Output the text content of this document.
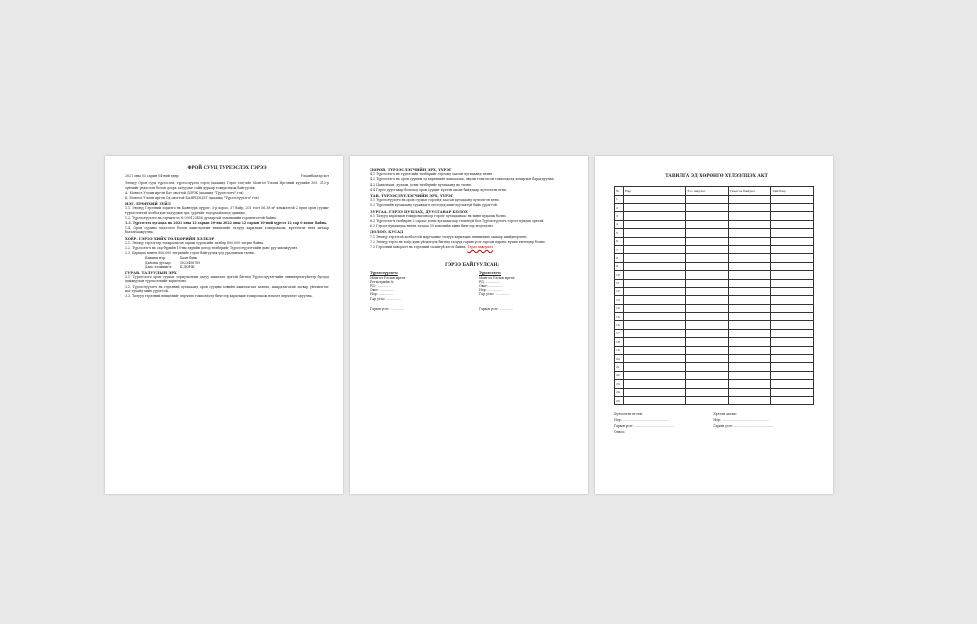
ФРОЙ СУУЦ ТУРЕЭСЛЭХ ГЭРЭЭ
2021 оны 03 сарын 04-ний өдөр	Улаанбаатар хот
Энэхүү Орон сууц түрээслэх, түрээслүүлэх гэрээ (цаашид Гэрээ гэх)-ийг Монгол Улсын Иргэний хуулийн 305, 313-р зүйлийг үндэслэн болон доорх талуудыг сайн дураар тохиролцож байгуулав.
А. Монгол Улсын иргэн Бат овогтой ДОРЖ (цаашид "Түрээслэгч" гэх)
Б. Монгол Улсын иргэн Од овогтой БАЯРЦЭЦЭГ (цаашид "Түрээслүүлэгч" гэх)
НЭГ. ЕРӨНХИЙ ЗҮЙЛ
1.1. Энэхүү Гэрээний зорилго нь Баянзүрх дүүрэг, 3-р хороо, 37 байр, 201 тоот 56,38 м² хэмжээтэй 2 өрөө орон сууцыг түрээслэхтэй холбогдон талуудын эрх, үүргийг тодорхойлоход оршино.
1.2. Түрээслүүлэгч нь гэрчилгээ № 000123456 дугаартай эзэмшлийн гэрчилгээтэй байна.
1.3. Түрээслэх хугацаа нь 2021 оны 12 сарын 10-ны 2022 оны 12 сарын 10-ний хүртэл 12 сар 0 хоног байна.
1.4. Орон сууцны мэдээлэл болон ашиглалтын нөхцөлийг талууд харилцан тохиролцож, хүлээлгэн өгөх актаар баталгаажуулна.
ХОЁР. ГЭРЭЭ ХИЙХ ТӨЛБӨРИЙН ХЭЛБЭР
2.1. Энэхүү гэрээгээр тохиролцсон сарын түрээсийн төлбөр 800,000 төгрөг байна.
2.2. Түрээслэгч нь сар бүрийн 10-ны өдрийн дотор төлбөрийг Түрээслүүлэгчийн данс руу шилжүүлнэ.
2.3. Барьцаа мөнгө 800,000 төгрөгийг гэрээ байгуулах үед урьдчилан төлнө.
Банкны нэр:	Хаан банк
Дансны дугаар:	5023456789
Данс эзэмшигч:	Б.ДОРЖ
ГУРАВ. ТАЛУУДЫН ЭРХ
3.1. Түрээслэгч орон сууцыг зориулалтын дагуу ашиглах эрхтэй бөгөөд Түрээслүүлэгчийн зөвшөөрөлгүйгээр бусдад дамжуулан түрээслэхийг хориглоно.
3.2. Түрээслүүлэгч нь гэрээний хугацаанд орон сууцны хэвийн ажиллагааг хангах, шаардлагатай засвар үйлчилгээг цаг тухайд хийх үүрэгтэй.
3.3. Талууд гэрээний нөхцөлийг өөрчлөх тохиолдолд бичгээр харилцан тохиролцож нэмэлт өөрчлөлт оруулна.
ДӨРӨВ. ТҮРЭЭСЛЭГЧИЙН ЭРХ, ҮҮРЭГ
4.1 Түрээслэгч нь түрээсийн төлбөрийг гэрээнд заасан хугацаанд төлнө.
4.2 Түрээслэгч нь орон сууцны эд хөрөнгийг хамгаалах, эвдэж гэмтээсэн тохиолдолд хохирлыг барагдуулна.
4.3 Цахилгаан, дулаан, усны төлбөрийг хугацаанд нь төлнө.
4.4 Гэрээ дуусгавар болоход орон сууцыг хүлээн авсан байдлаар хүлээлгэн өгнө.
ТАВ. ТҮРЭЭСЛҮҮЛЭГЧИЙН ЭРХ, ҮҮРЭГ
5.1 Түрээслүүлэгч нь орон сууцыг гэрээнд заасан хугацаанд хүлээлгэн өгнө.
5.2 Түрээсийн хугацаанд гуравдагч этгээдэд ашиглуулахгүй байх үүрэгтэй.
ЗУРГАА. ГЭРЭЭ ЦУЦЛАХ, ДУУСГАВАР БОЛОХ
6.1 Талууд харилцан тохиролцсоноор гэрээг хугацаанаас нь өмнө цуцалж болно.
6.2 Түрээслэгч төлбөрөө 2 сараас дээш хугацаагаар төлөөгүй бол Түрээслүүлэгч гэрээг цуцлах эрхтэй.
6.3 Гэрээг цуцлахдаа нөгөө талдаа 30 хоногийн өмнө бичгээр мэдэгдэнэ.
ДОЛОО. БУСАД
7.1 Энэхүү гэрээтэй холбоотой маргааныг талууд харилцан зөвшилцөх замаар шийдвэрлэнэ.
7.2 Энэхүү гэрээ нь хоёр хувь үйлдэгдэх бөгөөд талууд гарын үсэг зурсан өдрөөс хүчин төгөлдөр болно.
7.3 Гэрээний хавсралт нь гэрээний салшгүй хэсэг байна. Гэрээ хавсралт
ГЭРЭЭ БАЙГУУЛСАН:
Түрээслүүлэгч:
Монгол Улсын иргэн
Регистрийн №
РД: ..............
Овог: ..............
Нэр: ..............
Гар утас: ..............
Гарын үсэг: .............
Түрээслэгч:
Монгол Улсын иргэн
РД: ..............
Овог: ..............
Нэр: ..............
Гар утас: ..............
Гарын үсэг: .............
ТАВИЛГА ЭД ХӨРӨНГӨ ХҮЛЭЭЛЦЭХ АКТ
№	Нэр	Тоо ширхэг	Үнэлгээ Байдал	Тайлбар
1				
2				
3				
4				
5				
6				
7				
8				
9				
10				
11				
12				
13				
14				
15				
16				
17				
18				
19				
20				
21				
22				
23				
24				
25				
Хүлээлгэн өгсөн:
Нэр: ..............................................
Гарын үсэг: ......................................
Огноо:
Хүлээн авсан:
Нэр: ..............................................
Гарын үсэг: ......................................
